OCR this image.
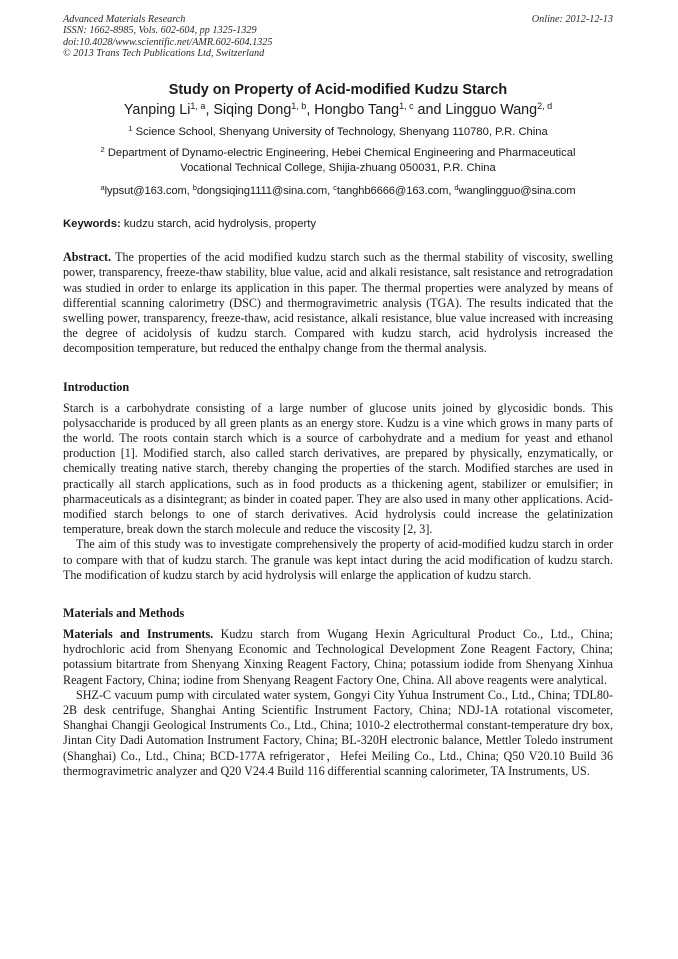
Advanced Materials Research
ISSN: 1662-8985, Vols. 602-604, pp 1325-1329
doi:10.4028/www.scientific.net/AMR.602-604.1325
© 2013 Trans Tech Publications Ltd, Switzerland
Online: 2012-12-13
Study on Property of Acid-modified Kudzu Starch
Yanping Li$^{1, a}$, Siqing Dong$^{1, b}$, Hongbo Tang$^{1, c}$ and Lingguo Wang$^{2, d}$
$^1$ Science School, Shenyang University of Technology, Shenyang 110780, P.R. China
$^2$ Department of Dynamo-electric Engineering, Hebei Chemical Engineering and Pharmaceutical
Vocational Technical College, Shijia-zhuang 050031, P.R. China
$^a$lypsut@163.com, $^b$dongsiqing1111@sina.com, $^c$tanghb6666@163.com, $^d$wanglingguo@sina.com
Keywords: kudzu starch, acid hydrolysis, property

Abstract. The properties of the acid modified kudzu starch such as the thermal stability of viscosity, swelling power, transparency, freeze-thaw stability, blue value, acid and alkali resistance, salt resistance and retrogradation was studied in order to enlarge its application in this paper. The thermal properties were analyzed by means of differential scanning calorimetry (DSC) and thermogravimetric analysis (TGA). The results indicated that the swelling power, transparency, freeze-thaw, acid resistance, alkali resistance, blue value increased with increasing the degree of acidolysis of kudzu starch. Compared with kudzu starch, acid hydrolysis increased the decomposition temperature, but reduced the enthalpy change from the thermal analysis.

Introduction

Starch is a carbohydrate consisting of a large number of glucose units joined by glycosidic bonds. This polysaccharide is produced by all green plants as an energy store. Kudzu is a vine which grows in many parts of the world. The roots contain starch which is a source of carbohydrate and a medium for yeast and ethanol production [1]. Modified starch, also called starch derivatives, are prepared by physically, enzymatically, or chemically treating native starch, thereby changing the properties of the starch. Modified starches are used in practically all starch applications, such as in food products as a thickening agent, stabilizer or emulsifier; in pharmaceuticals as a disintegrant; as binder in coated paper. They are also used in many other applications. Acid-modified starch belongs to one of starch derivatives. Acid hydrolysis could increase the gelatinization temperature, break down the starch molecule and reduce the viscosity [2, 3].

The aim of this study was to investigate comprehensively the property of acid-modified kudzu starch in order to compare with that of kudzu starch. The granule was kept intact during the acid modification of kudzu starch. The modification of kudzu starch by acid hydrolysis will enlarge the application of kudzu starch.

Materials and Methods

Materials and Instruments. Kudzu starch from Wugang Hexin Agricultural Product Co., Ltd., China; hydrochloric acid from Shenyang Economic and Technological Development Zone Reagent Factory, China; potassium bitartrate from Shenyang Xinxing Reagent Factory, China; potassium iodide from Shenyang Xinhua Reagent Factory, China; iodine from Shenyang Reagent Factory One, China. All above reagents were analytical.

SHZ-C vacuum pump with circulated water system, Gongyi City Yuhua Instrument Co., Ltd., China; TDL80-2B desk centrifuge, Shanghai Anting Scientific Instrument Factory, China; NDJ-1A rotational viscometer, Shanghai Changji Geological Instruments Co., Ltd., China; 1010-2 electrothermal constant-temperature dry box, Jintan City Dadi Automation Instrument Factory, China; BL-320H electronic balance, Mettler Toledo instrument (Shanghai) Co., Ltd., China; BCD-177A refrigerator，Hefei Meiling Co., Ltd., China; Q50 V20.10 Build 36 thermogravimetric analyzer and Q20 V24.4 Build 116 differential scanning calorimeter, TA Instruments, US.
